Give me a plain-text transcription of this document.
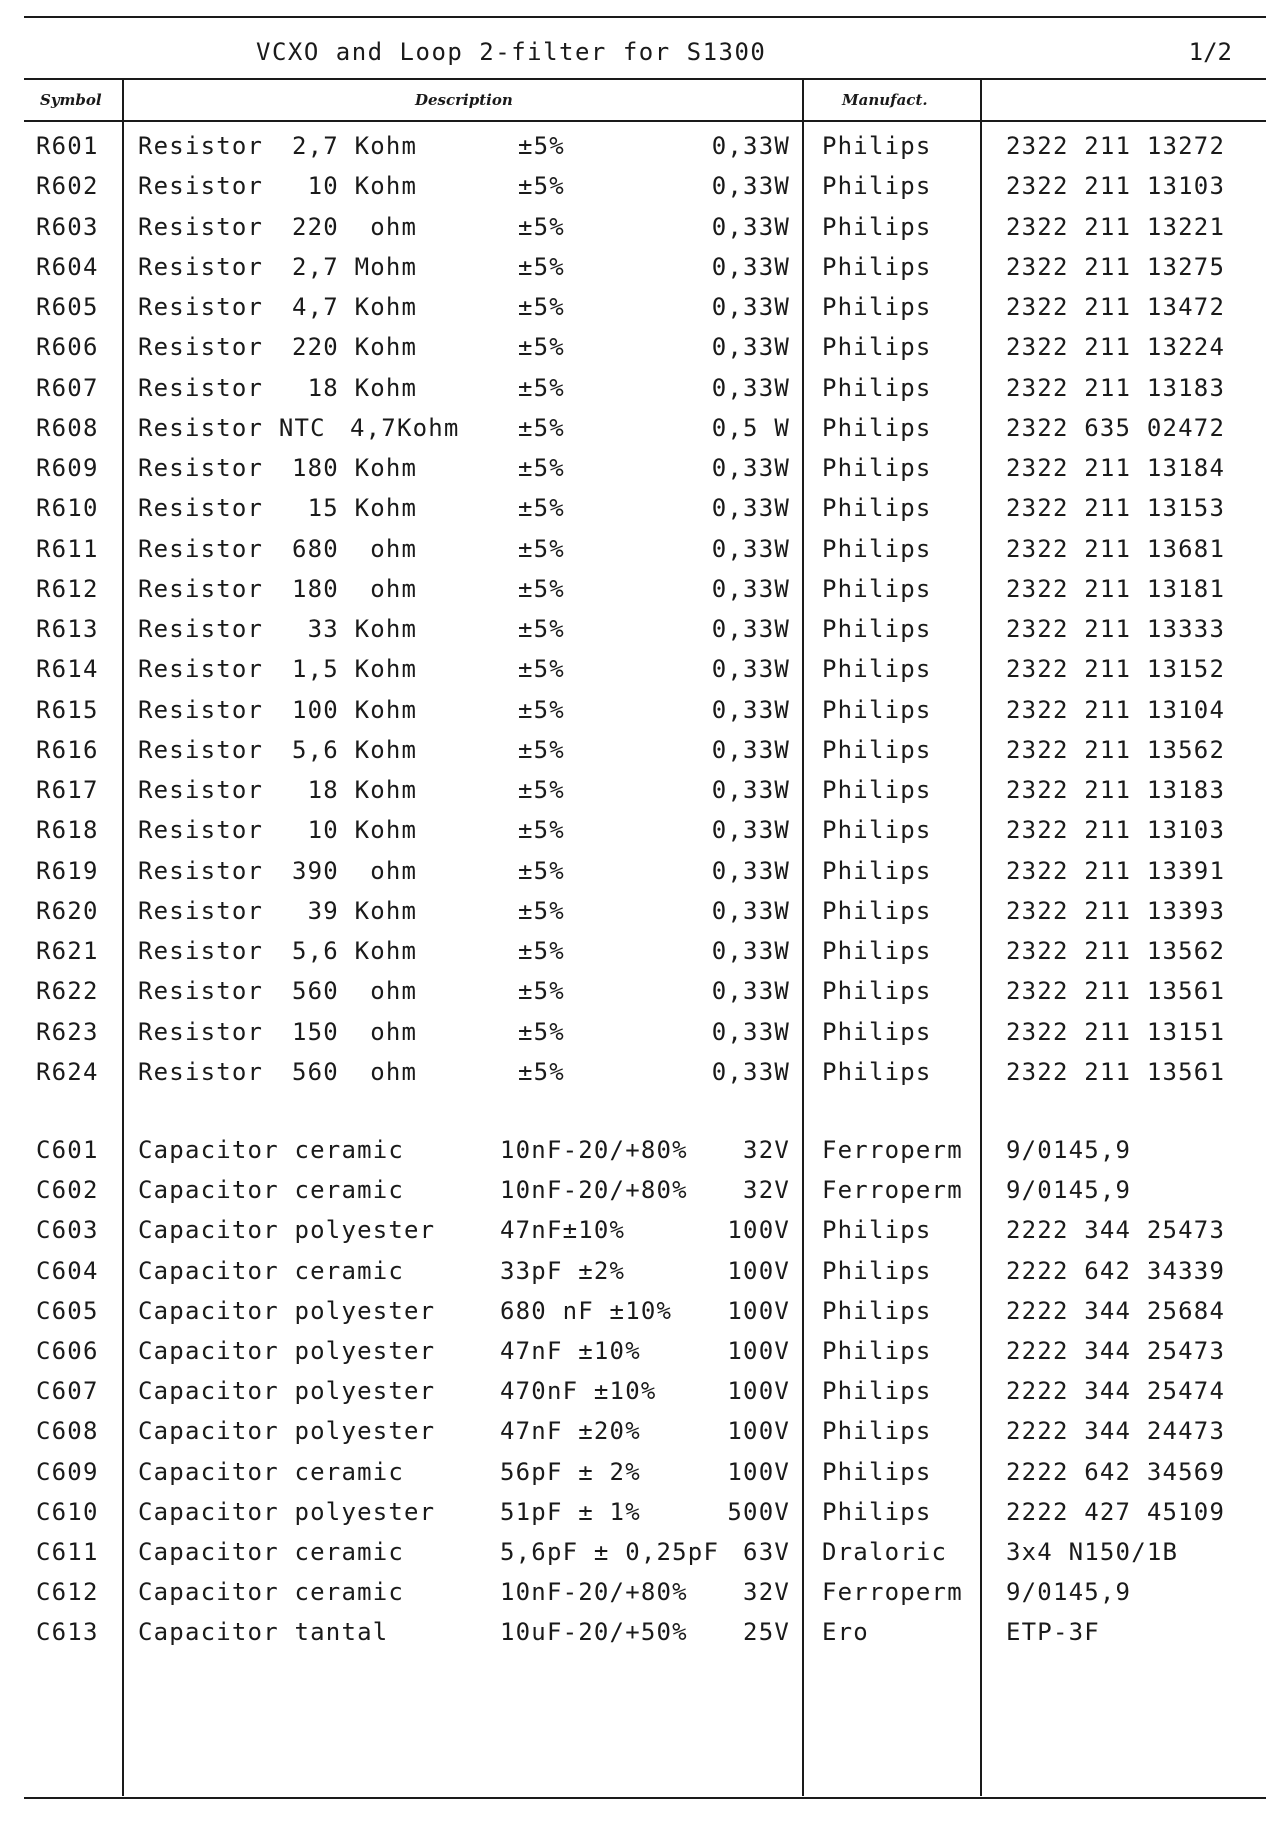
VCXO and Loop 2-filter for S1300	1/2
Symbol	Description	Manufact.
R601 Resistor 2,7 Kohm	±5%	0,33W Philips	2322 211 13272
R602 Resistor 10 Kohm	±5%	0,33W Philips	2322 211 13103
R603 Resistor 220  ohm	±5%	0,33W Philips	2322 211 13221
R604 Resistor 2,7 Mohm	±5%	0,33W Philips	2322 211 13275
R605 Resistor 4,7 Kohm	±5%	0,33W Philips	2322 211 13472
R606 Resistor 220 Kohm	±5%	0,33W Philips	2322 211 13224
R607 Resistor 18 Kohm	±5%	0,33W Philips	2322 211 13183
R608 Resistor NTC 4,7Kohm ±5%	0,5 W Philips	2322 635 02472
R609 Resistor 180 Kohm	±5%	0,33W Philips	2322 211 13184
R610 Resistor 15 Kohm	±5%	0,33W Philips	2322 211 13153
R611 Resistor 680  ohm	±5%	0,33W Philips	2322 211 13681
R612 Resistor 180  ohm	±5%	0,33W Philips	2322 211 13181
R613 Resistor 33 Kohm	±5%	0,33W Philips	2322 211 13333
R614 Resistor 1,5 Kohm	±5%	0,33W Philips	2322 211 13152
R615 Resistor 100 Kohm	±5%	0,33W Philips	2322 211 13104
R616 Resistor 5,6 Kohm	±5%	0,33W Philips	2322 211 13562
R617 Resistor 18 Kohm	±5%	0,33W Philips	2322 211 13183
R618 Resistor 10 Kohm	±5%	0,33W Philips	2322 211 13103
R619 Resistor 390  ohm	±5%	0,33W Philips	2322 211 13391
R620 Resistor 39 Kohm	±5%	0,33W Philips	2322 211 13393
R621 Resistor 5,6 Kohm	±5%	0,33W Philips	2322 211 13562
R622 Resistor 560  ohm	±5%	0,33W Philips	2322 211 13561
R623 Resistor 150  ohm	±5%	0,33W Philips	2322 211 13151
R624 Resistor 560  ohm	±5%	0,33W Philips	2322 211 13561
C601 Capacitor ceramic	10nF-20/+80%	32V Ferroperm 9/0145,9
C602 Capacitor ceramic	10nF-20/+80%	32V Ferroperm 9/0145,9
C603 Capacitor polyester	47nF±10%	100V Philips	2222 344 25473
C604 Capacitor ceramic	33pF ±2%	100V Philips	2222 642 34339
C605 Capacitor polyester	680 nF ±10%	100V Philips	2222 344 25684
C606 Capacitor polyester	47nF ±10%	100V Philips	2222 344 25473
C607 Capacitor polyester	470nF ±10%	100V Philips	2222 344 25474
C608 Capacitor polyester	47nF ±20%	100V Philips	2222 344 24473
C609 Capacitor ceramic	56pF ± 2%	100V Philips	2222 642 34569
C610 Capacitor polyester	51pF ± 1%	500V Philips	2222 427 45109
C611 Capacitor ceramic	5,6pF ± 0,25pF 63V Draloric 3x4 N150/1B
C612 Capacitor ceramic	10nF-20/+80%	32V Ferroperm 9/0145,9
C613 Capacitor tantal	10uF-20/+50%	25V Ero	ETP-3F
